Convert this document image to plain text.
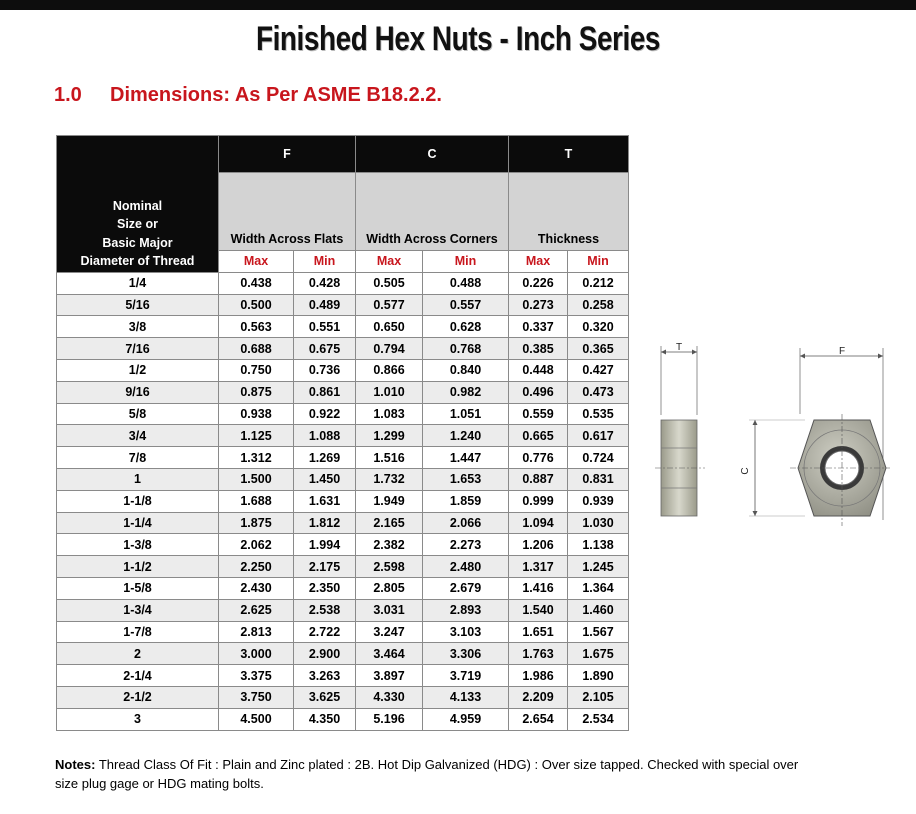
Finished Hex Nuts - Inch Series
1.0 Dimensions: As Per ASME B18.2.2.
Nominal
Size or
Basic Major
Diameter of Thread	F		C		T	
	Width Across Flats		Width Across Corners		Thickness	
	Max	Min	Max	Min	Max	Min
1/4	0.438	0.428	0.505	0.488	0.226	0.212
5/16	0.500	0.489	0.577	0.557	0.273	0.258
3/8	0.563	0.551	0.650	0.628	0.337	0.320
7/16	0.688	0.675	0.794	0.768	0.385	0.365
1/2	0.750	0.736	0.866	0.840	0.448	0.427
9/16	0.875	0.861	1.010	0.982	0.496	0.473
5/8	0.938	0.922	1.083	1.051	0.559	0.535
3/4	1.125	1.088	1.299	1.240	0.665	0.617
7/8	1.312	1.269	1.516	1.447	0.776	0.724
1	1.500	1.450	1.732	1.653	0.887	0.831
1-1/8	1.688	1.631	1.949	1.859	0.999	0.939
1-1/4	1.875	1.812	2.165	2.066	1.094	1.030
1-3/8	2.062	1.994	2.382	2.273	1.206	1.138
1-1/2	2.250	2.175	2.598	2.480	1.317	1.245
1-5/8	2.430	2.350	2.805	2.679	1.416	1.364
1-3/4	2.625	2.538	3.031	2.893	1.540	1.460
1-7/8	2.813	2.722	3.247	3.103	1.651	1.567
2	3.000	2.900	3.464	3.306	1.763	1.675
2-1/4	3.375	3.263	3.897	3.719	1.986	1.890
2-1/2	3.750	3.625	4.330	4.133	2.209	2.105
3	4.500	4.350	5.196	4.959	2.654	2.534
T	F
C
Notes: Thread Class Of Fit : Plain and Zinc plated : 2B. Hot Dip Galvanized (HDG) : Over size tapped. Checked with special over size plug gage or HDG mating bolts.
